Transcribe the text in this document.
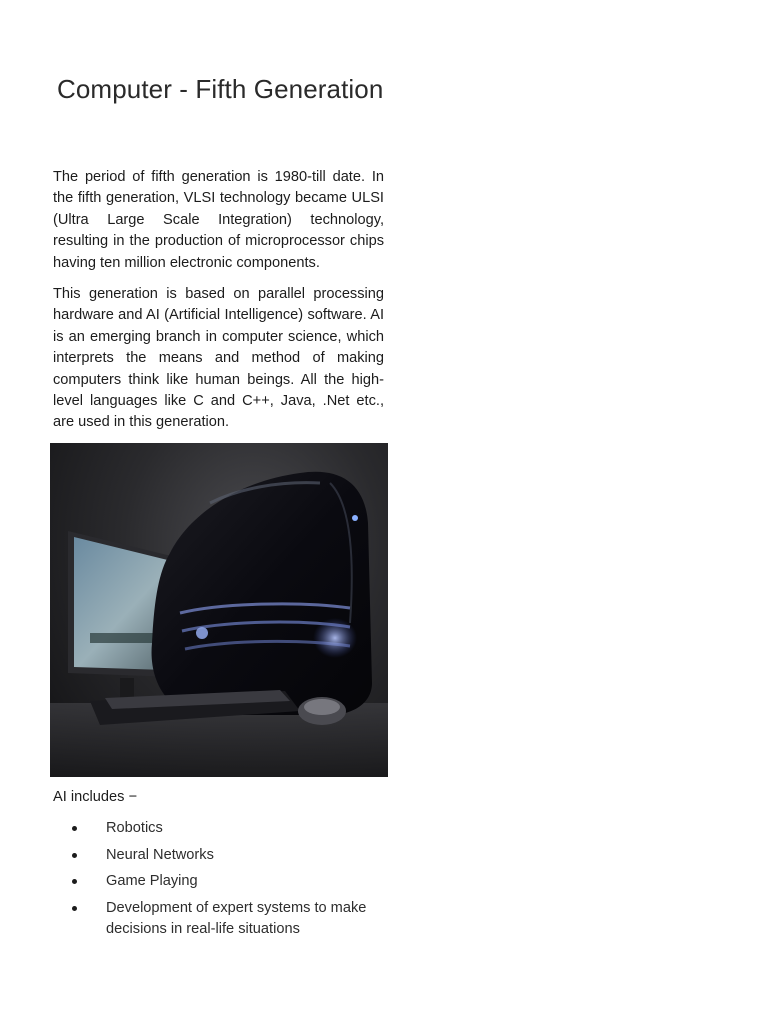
Computer - Fifth Generation

The period of fifth generation is 1980-till date. In the fifth generation, VLSI technology became ULSI (Ultra Large Scale Integration) technology, resulting in the production of microprocessor chips having ten million electronic components.

This generation is based on parallel processing hardware and AI (Artificial Intelligence) software. AI is an emerging branch in computer science, which interprets the means and method of making computers think like human beings. All the high-level languages like C and C++, Java, .Net etc., are used in this generation.

AI includes −

Robotics
Neural Networks
Game Playing
Development of expert systems to make decisions in real-life situations
